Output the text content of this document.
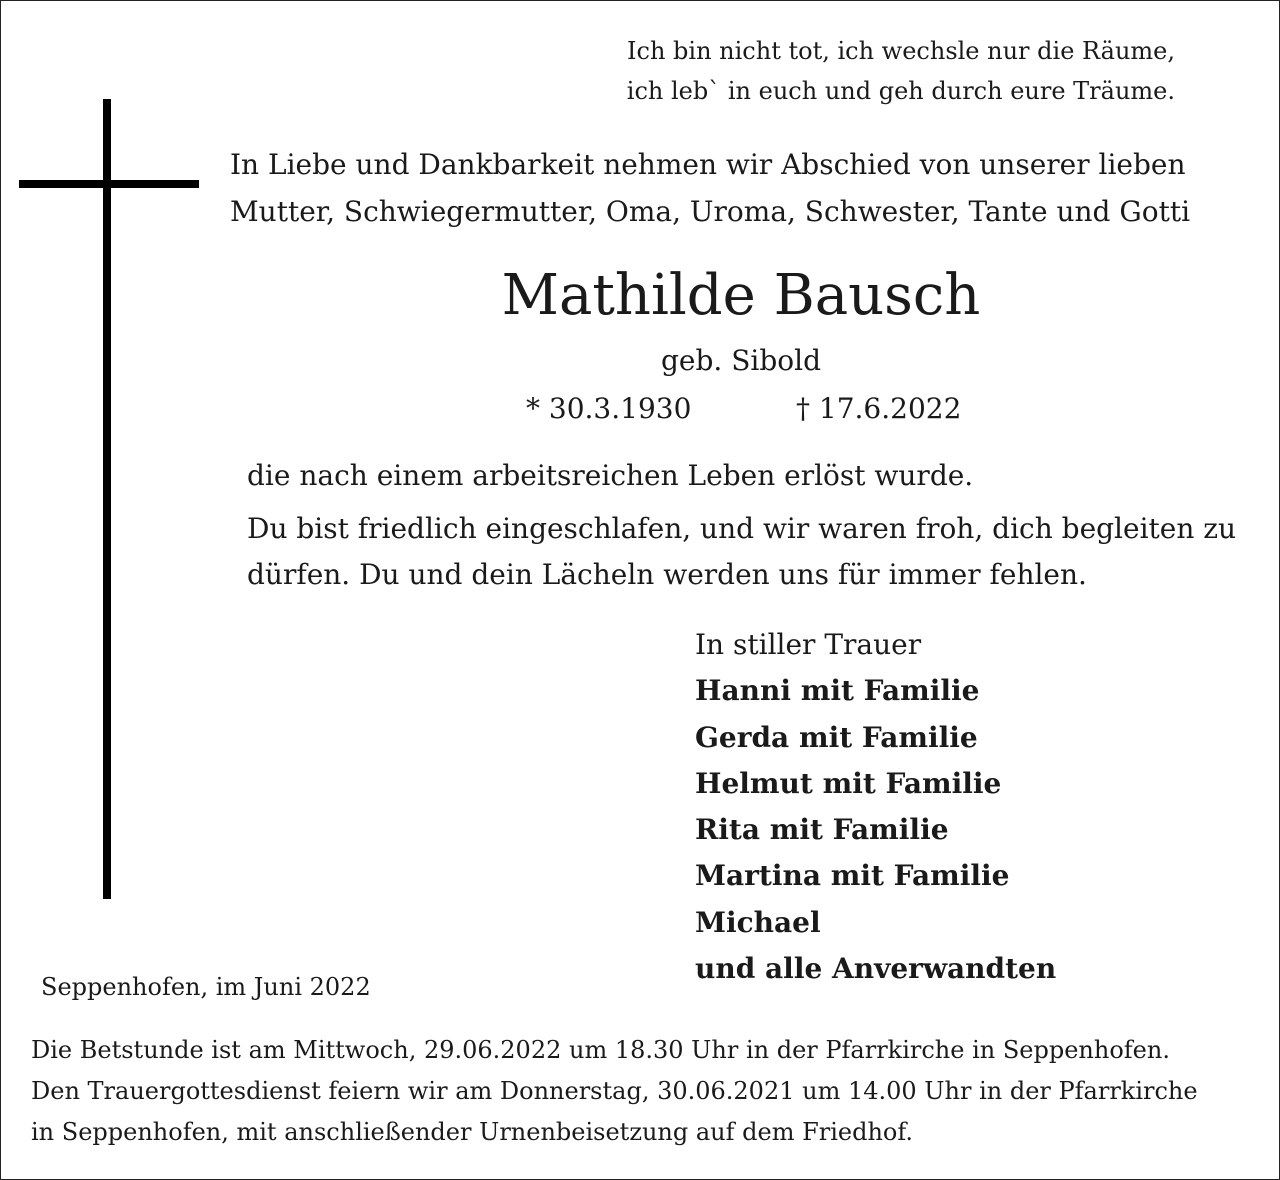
Ich bin nicht tot, ich wechsle nur die Räume,
ich leb` in euch und geh durch eure Träume.
In Liebe und Dankbarkeit nehmen wir Abschied von unserer lieben
Mutter, Schwiegermutter, Oma, Uroma, Schwester, Tante und Gotti
Mathilde Bausch
geb. Sibold
* 30.3.1930	† 17.6.2022
die nach einem arbeitsreichen Leben erlöst wurde.
Du bist friedlich eingeschlafen, und wir waren froh, dich begleiten zu
dürfen. Du und dein Lächeln werden uns für immer fehlen.
In stiller Trauer
Hanni mit Familie
Gerda mit Familie
Helmut mit Familie
Rita mit Familie
Martina mit Familie
Michael
und alle Anverwandten
Seppenhofen, im Juni 2022
Die Betstunde ist am Mittwoch, 29.06.2022 um 18.30 Uhr in der Pfarrkirche in Seppenhofen.
Den Trauergottesdienst feiern wir am Donnerstag, 30.06.2021 um 14.00 Uhr in der Pfarrkirche
in Seppenhofen, mit anschließender Urnenbeisetzung auf dem Friedhof.
